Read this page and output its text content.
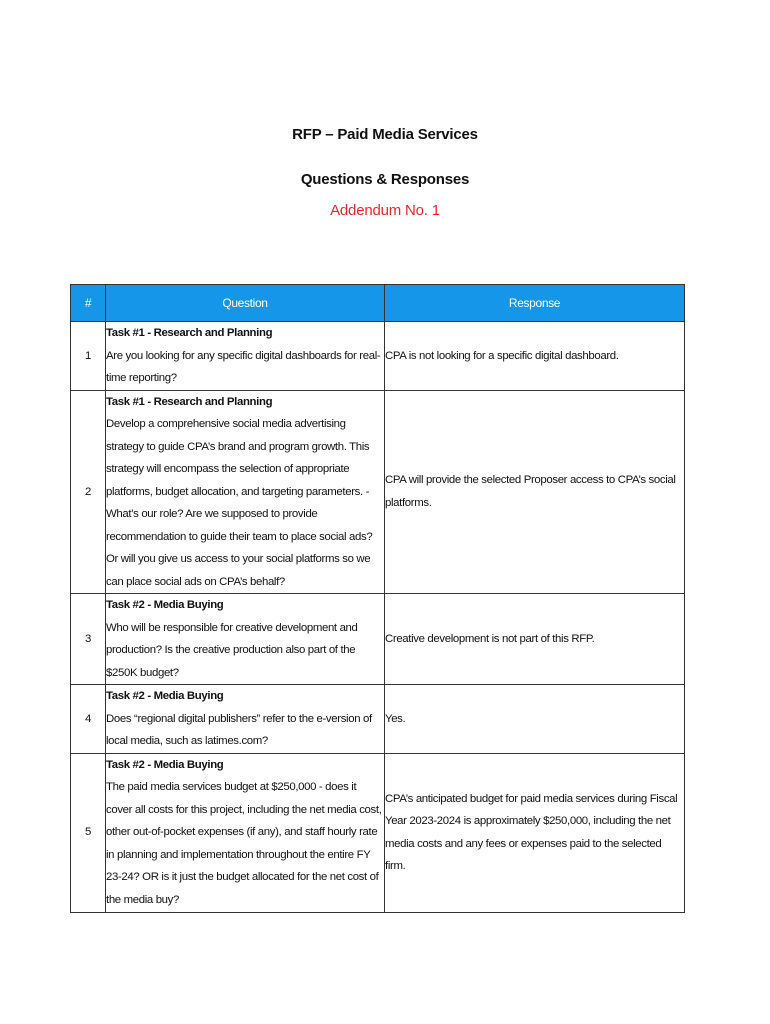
RFP – Paid Media Services
Questions & Responses
Addendum No. 1
#	Question	Response
1	Task #1 - Research and Planning
Are you looking for any specific digital dashboards for real-time reporting?	CPA is not looking for a specific digital dashboard.
2	Task #1 - Research and Planning
Develop a comprehensive social media advertising strategy to guide CPA’s brand and program growth. This strategy will encompass the selection of appropriate platforms, budget allocation, and targeting parameters. - What’s our role? Are we supposed to provide recommendation to guide their team to place social ads? Or will you give us access to your social platforms so we can place social ads on CPA’s behalf?	CPA will provide the selected Proposer access to CPA’s social platforms.
3	Task #2 - Media Buying
Who will be responsible for creative development and production? Is the creative production also part of the $250K budget?	Creative development is not part of this RFP.
4	Task #2 - Media Buying
Does “regional digital publishers” refer to the e-version of local media, such as latimes.com?	Yes.
5	Task #2 - Media Buying
The paid media services budget at $250,000 - does it cover all costs for this project, including the net media cost, other out-of-pocket expenses (if any), and staff hourly rate in planning and implementation throughout the entire FY 23-24? OR is it just the budget allocated for the net cost of the media buy?	CPA’s anticipated budget for paid media services during Fiscal Year 2023-2024 is approximately $250,000, including the net media costs and any fees or expenses paid to the selected firm.
